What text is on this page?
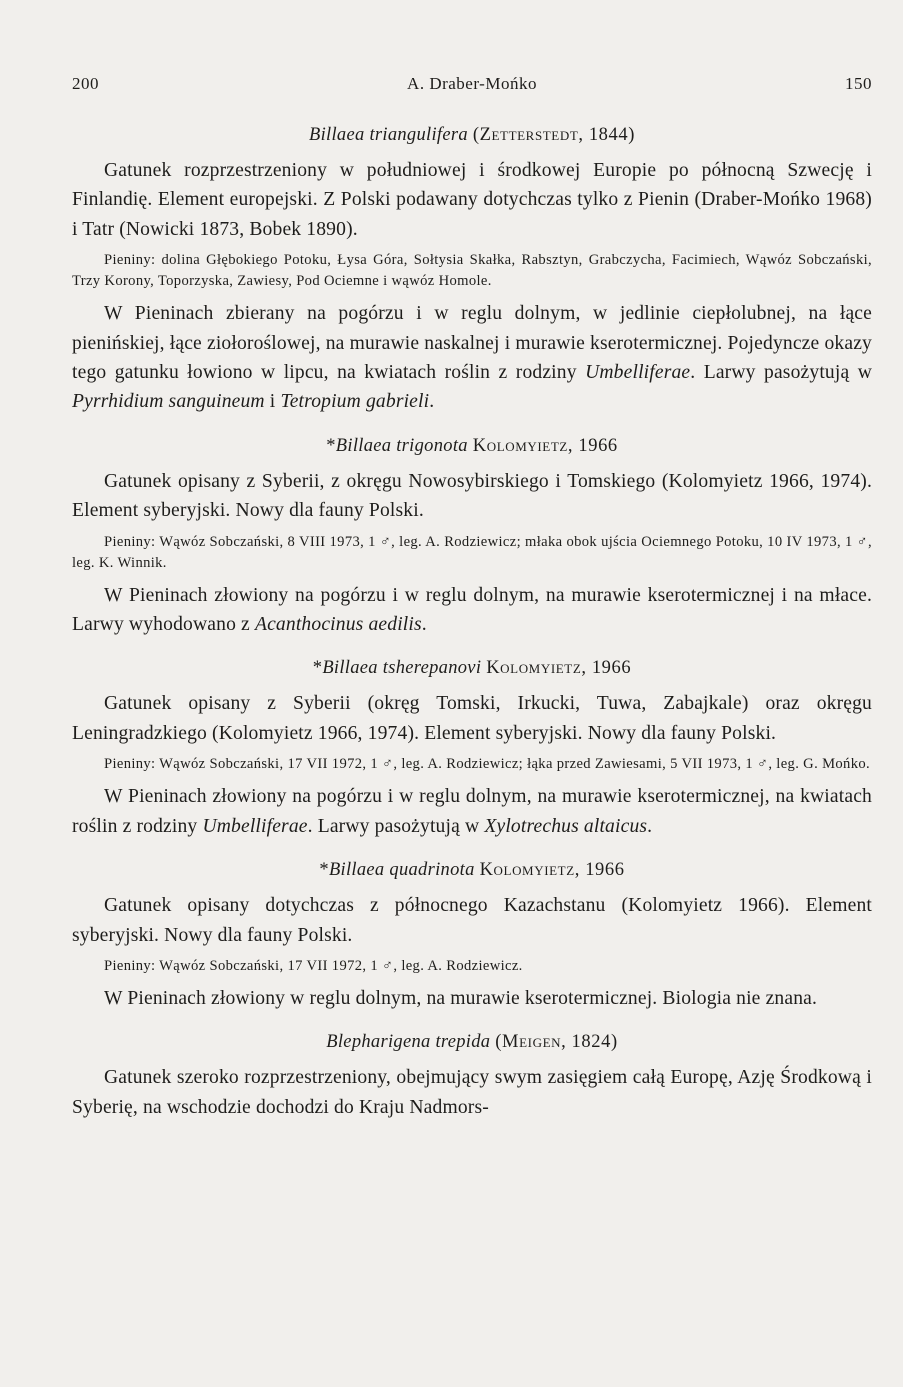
200	A. Draber-Mońko	150

Billaea triangulifera (Zetterstedt, 1844)

Gatunek rozprzestrzeniony w południowej i środkowej Europie po północną Szwecję i Finlandię. Element europejski. Z Polski podawany dotychczas tylko z Pienin (Draber-Mońko 1968) i Tatr (Nowicki 1873, Bobek 1890).

Pieniny: dolina Głębokiego Potoku, Łysa Góra, Sołtysia Skałka, Rabsztyn, Grabczycha, Facimiech, Wąwóz Sobczański, Trzy Korony, Toporzyska, Zawiesy, Pod Ociemne i wąwóz Homole.

W Pieninach zbierany na pogórzu i w reglu dolnym, w jedlinie ciepłolubnej, na łące pienińskiej, łące ziołoroślowej, na murawie naskalnej i murawie kserotermicznej. Pojedyncze okazy tego gatunku łowiono w lipcu, na kwiatach roślin z rodziny Umbelliferae. Larwy pasożytują w Pyrrhidium sanguineum i Tetropium gabrieli.

*Billaea trigonota Kolomyietz, 1966

Gatunek opisany z Syberii, z okręgu Nowosybirskiego i Tomskiego (Kolomyietz 1966, 1974). Element syberyjski. Nowy dla fauny Polski.

Pieniny: Wąwóz Sobczański, 8 VIII 1973, 1 ♂, leg. A. Rodziewicz; młaka obok ujścia Ociemnego Potoku, 10 IV 1973, 1 ♂, leg. K. Winnik.

W Pieninach złowiony na pogórzu i w reglu dolnym, na murawie kserotermicznej i na młace. Larwy wyhodowano z Acanthocinus aedilis.

*Billaea tsherepanovi Kolomyietz, 1966

Gatunek opisany z Syberii (okręg Tomski, Irkucki, Tuwa, Zabajkale) oraz okręgu Leningradzkiego (Kolomyietz 1966, 1974). Element syberyjski. Nowy dla fauny Polski.

Pieniny: Wąwóz Sobczański, 17 VII 1972, 1 ♂, leg. A. Rodziewicz; łąka przed Zawiesami, 5 VII 1973, 1 ♂, leg. G. Mońko.

W Pieninach złowiony na pogórzu i w reglu dolnym, na murawie kserotermicznej, na kwiatach roślin z rodziny Umbelliferae. Larwy pasożytują w Xylotrechus altaicus.

*Billaea quadrinota Kolomyietz, 1966

Gatunek opisany dotychczas z północnego Kazachstanu (Kolomyietz 1966). Element syberyjski. Nowy dla fauny Polski.

Pieniny: Wąwóz Sobczański, 17 VII 1972, 1 ♂, leg. A. Rodziewicz.

W Pieninach złowiony w reglu dolnym, na murawie kserotermicznej. Biologia nie znana.

Blepharigena trepida (Meigen, 1824)

Gatunek szeroko rozprzestrzeniony, obejmujący swym zasięgiem całą Europę, Azję Środkową i Syberię, na wschodzie dochodzi do Kraju Nadmors-
